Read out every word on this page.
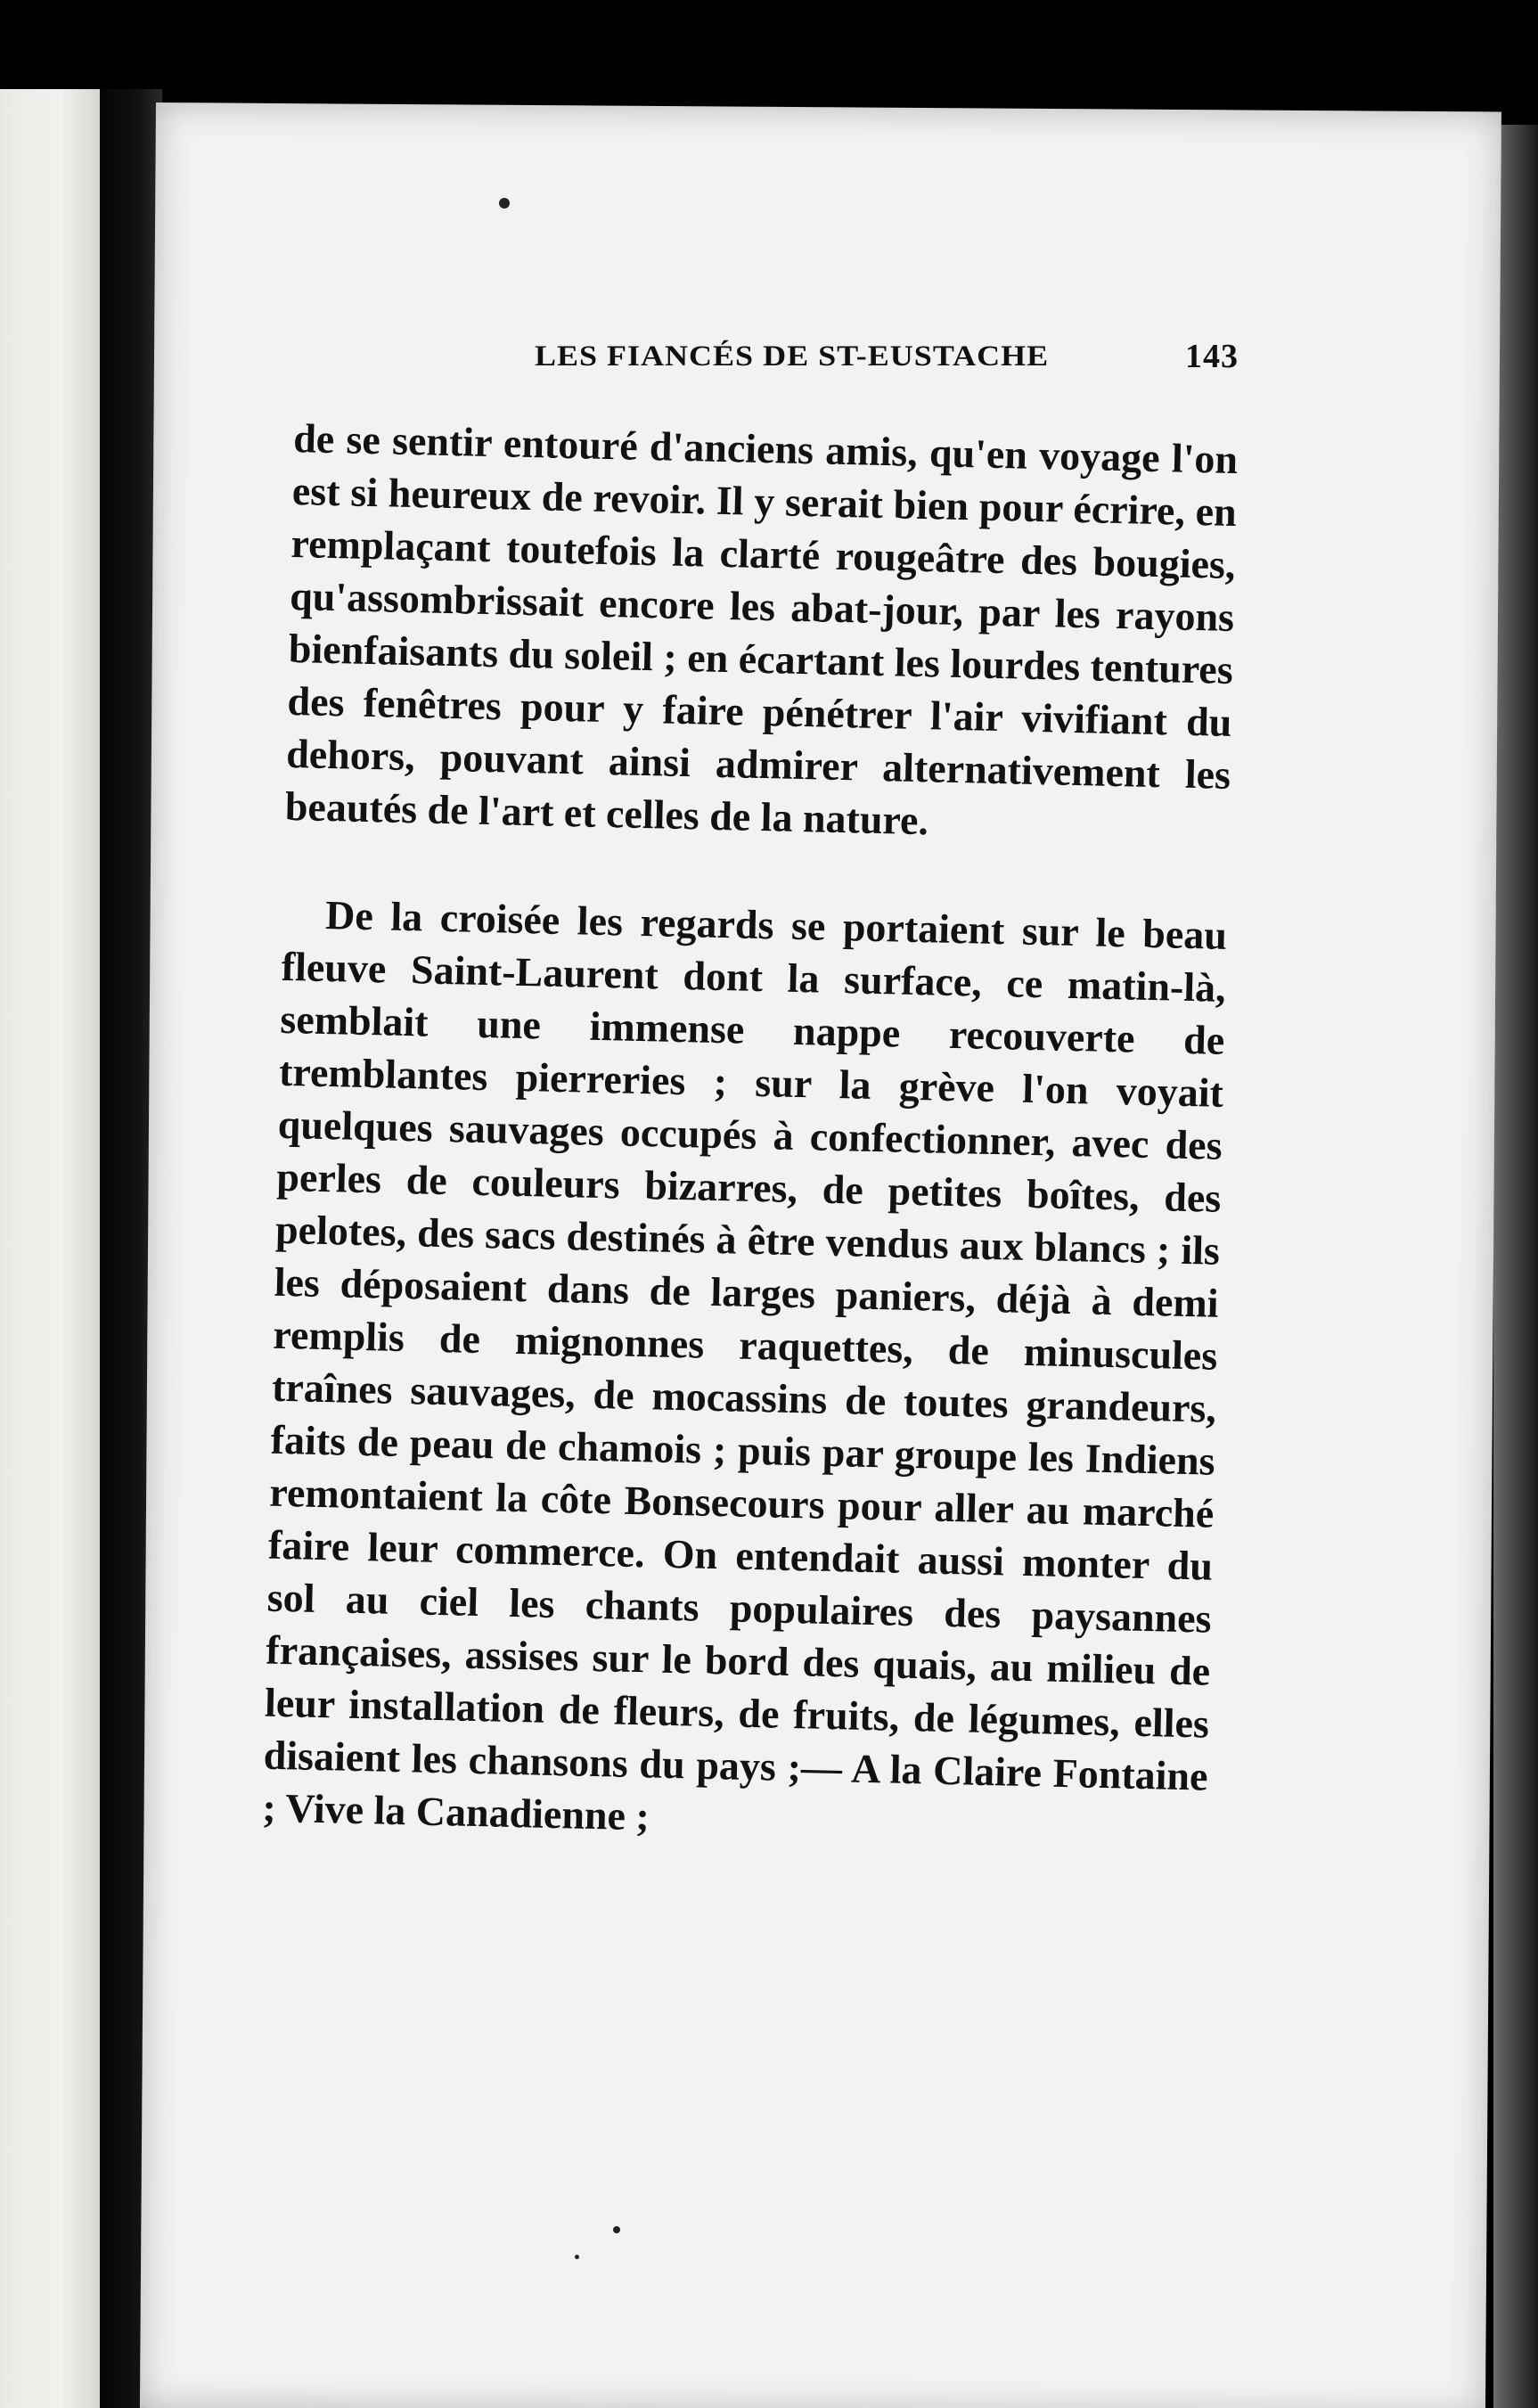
LES FIANCÉS DE ST-EUSTACHE	143

de se sentir entouré d'anciens amis, qu'en voyage l'on est si heureux de revoir. Il y serait bien pour écrire, en remplaçant toutefois la clarté rougeâtre des bougies, qu'assombrissait encore les abat-jour, par les rayons bienfaisants du soleil ; en écartant les lourdes tentures des fenêtres pour y faire pénétrer l'air vivifiant du dehors, pouvant ainsi admirer alternativement les beautés de l'art et celles de la nature.

De la croisée les regards se portaient sur le beau fleuve Saint-Laurent dont la surface, ce matin-là, semblait une immense nappe recouverte de tremblantes pierreries ; sur la grève l'on voyait quelques sauvages occupés à confectionner, avec des perles de couleurs bizarres, de petites boîtes, des pelotes, des sacs destinés à être vendus aux blancs ; ils les déposaient dans de larges paniers, déjà à demi remplis de mignonnes raquettes, de minuscules traînes sauvages, de mocassins de toutes grandeurs, faits de peau de chamois ; puis par groupe les Indiens remontaient la côte Bonsecours pour aller au marché faire leur commerce. On entendait aussi monter du sol au ciel les chants populaires des paysannes françaises, assises sur le bord des quais, au milieu de leur installation de fleurs, de fruits, de légumes, elles disaient les chansons du pays ;— A la Claire Fontaine ; Vive la Canadienne ;
